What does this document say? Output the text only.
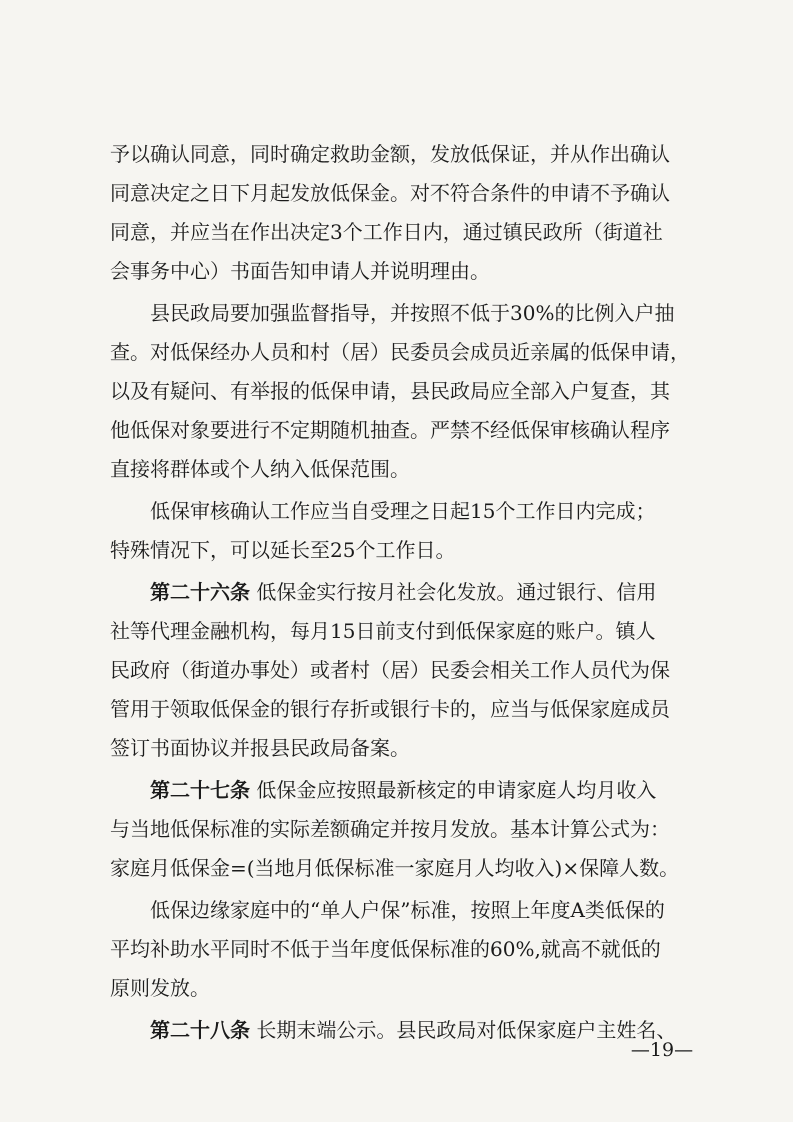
予以确认同意，同时确定救助金额，发放低保证，并从作出确认
同意决定之日下月起发放低保金。对不符合条件的申请不予确认
同意，并应当在作出决定3个工作日内，通过镇民政所（街道社
会事务中心）书面告知申请人并说明理由。
县民政局要加强监督指导，并按照不低于30%的比例入户抽
查。对低保经办人员和村（居）民委员会成员近亲属的低保申请，
以及有疑问、有举报的低保申请，县民政局应全部入户复查，其
他低保对象要进行不定期随机抽查。严禁不经低保审核确认程序
直接将群体或个人纳入低保范围。
低保审核确认工作应当自受理之日起15个工作日内完成；
特殊情况下，可以延长至25个工作日。
第二十六条 低保金实行按月社会化发放。通过银行、信用
社等代理金融机构，每月15日前支付到低保家庭的账户。镇人
民政府（街道办事处）或者村（居）民委会相关工作人员代为保
管用于领取低保金的银行存折或银行卡的，应当与低保家庭成员
签订书面协议并报县民政局备案。
第二十七条 低保金应按照最新核定的申请家庭人均月收入
与当地低保标准的实际差额确定并按月发放。基本计算公式为：
家庭月低保金=(当地月低保标准一家庭月人均收入)×保障人数。
低保边缘家庭中的“单人户保”标准，按照上年度A类低保的
平均补助水平同时不低于当年度低保标准的60%,就高不就低的
原则发放。
第二十八条 长期末端公示。县民政局对低保家庭户主姓名、
—19—
